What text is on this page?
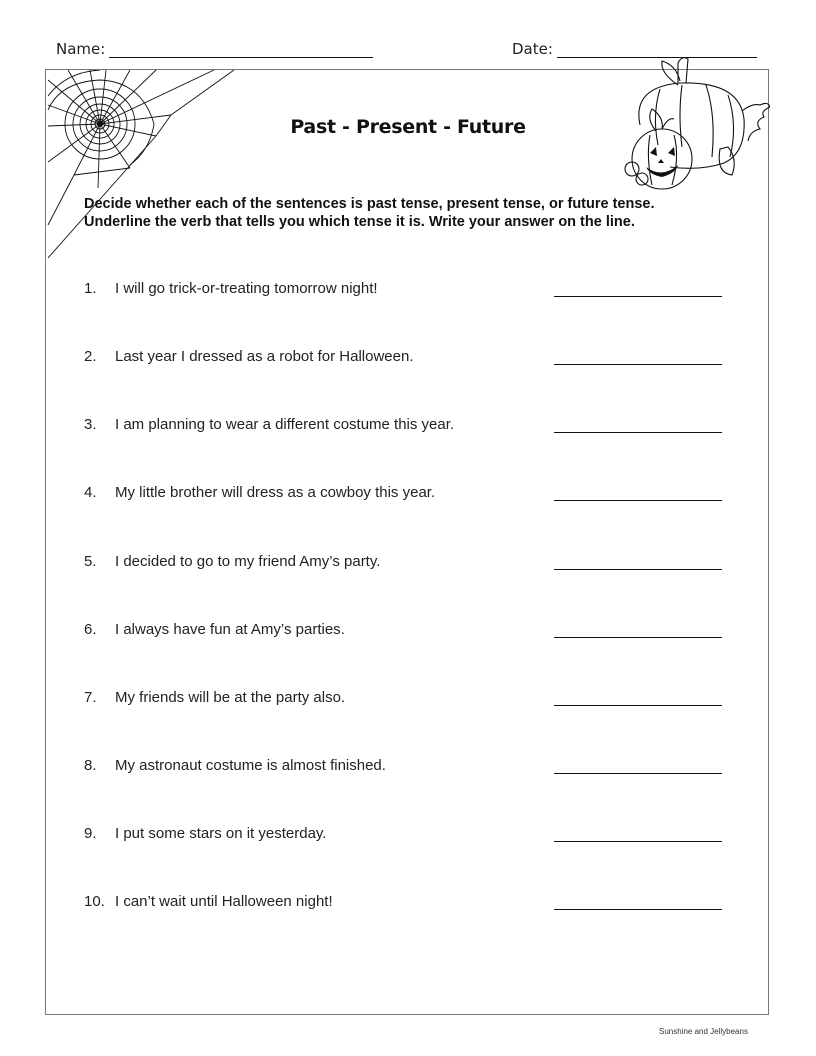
Name:	Date:
Past - Present - Future
Decide whether each of the sentences is past tense, present tense, or future tense.
Underline the verb that tells you which tense it is. Write your answer on the line.
1. I will go trick-or-treating tomorrow night!
2. Last year I dressed as a robot for Halloween.
3. I am planning to wear a different costume this year.
4. My little brother will dress as a cowboy this year.
5. I decided to go to my friend Amy’s party.
6. I always have fun at Amy’s parties.
7. My friends will be at the party also.
8. My astronaut costume is almost finished.
9. I put some stars on it yesterday.
10. I can’t wait until Halloween night!
Sunshine and Jellybeans
